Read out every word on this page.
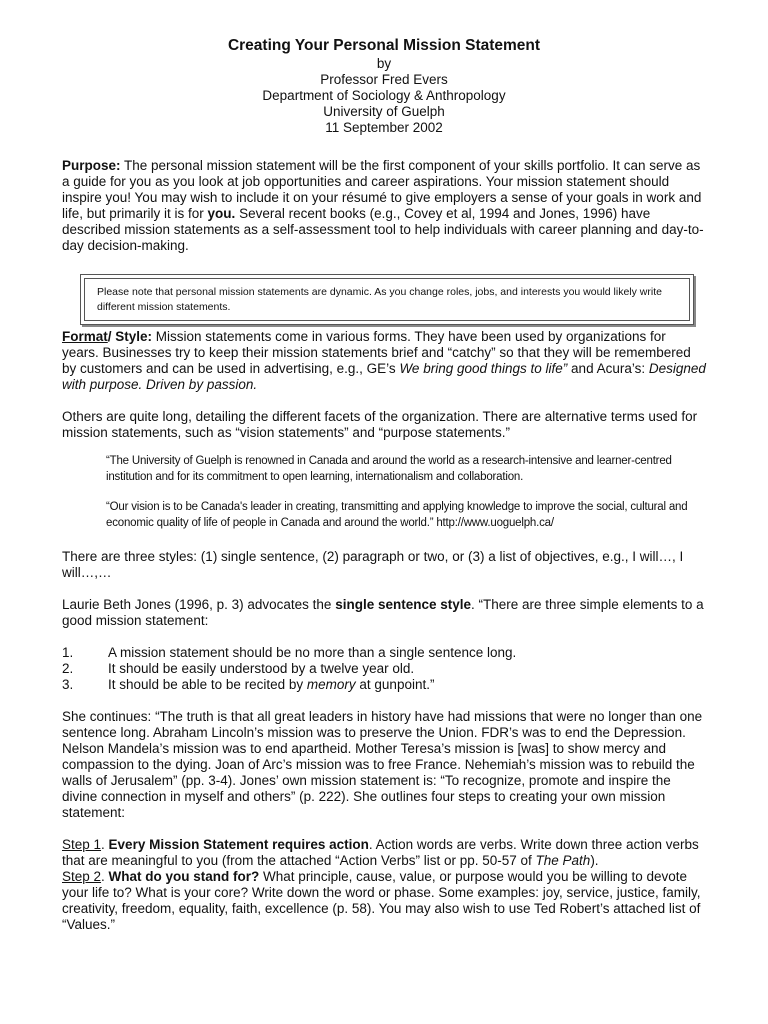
Creating Your Personal Mission Statement
by
Professor Fred Evers
Department of Sociology & Anthropology
University of Guelph
11 September 2002

Purpose: The personal mission statement will be the first component of your skills portfolio. It can serve as a guide for you as you look at job opportunities and career aspirations. Your mission statement should inspire you! You may wish to include it on your résumé to give employers a sense of your goals in work and life, but primarily it is for you. Several recent books (e.g., Covey et al, 1994 and Jones, 1996) have described mission statements as a self-assessment tool to help individuals with career planning and day-to-day decision-making.

Please note that personal mission statements are dynamic. As you change roles, jobs, and interests you would likely write different mission statements.

Format/ Style: Mission statements come in various forms. They have been used by organizations for years. Businesses try to keep their mission statements brief and “catchy” so that they will be remembered by customers and can be used in advertising, e.g., GE’s We bring good things to life” and Acura’s: Designed with purpose. Driven by passion.

Others are quite long, detailing the different facets of the organization. There are alternative terms used for mission statements, such as “vision statements” and “purpose statements.”

“The University of Guelph is renowned in Canada and around the world as a research-intensive and learner-centred institution and for its commitment to open learning, internationalism and collaboration.

“Our vision is to be Canada's leader in creating, transmitting and applying knowledge to improve the social, cultural and economic quality of life of people in Canada and around the world.” http://www.uoguelph.ca/

There are three styles: (1) single sentence, (2) paragraph or two, or (3) a list of objectives, e.g., I will…, I will…,…

Laurie Beth Jones (1996, p. 3) advocates the single sentence style. “There are three simple elements to a good mission statement:

1.	A mission statement should be no more than a single sentence long.
2.	It should be easily understood by a twelve year old.
3.	It should be able to be recited by memory at gunpoint.”

She continues: “The truth is that all great leaders in history have had missions that were no longer than one sentence long. Abraham Lincoln’s mission was to preserve the Union. FDR’s was to end the Depression. Nelson Mandela’s mission was to end apartheid. Mother Teresa’s mission is [was] to show mercy and compassion to the dying. Joan of Arc’s mission was to free France. Nehemiah’s mission was to rebuild the walls of Jerusalem” (pp. 3-4). Jones’ own mission statement is: “To recognize, promote and inspire the divine connection in myself and others” (p. 222). She outlines four steps to creating your own mission statement:

Step 1. Every Mission Statement requires action. Action words are verbs. Write down three action verbs that are meaningful to you (from the attached “Action Verbs” list or pp. 50-57 of The Path).

Step 2. What do you stand for? What principle, cause, value, or purpose would you be willing to devote your life to? What is your core? Write down the word or phase. Some examples: joy, service, justice, family, creativity, freedom, equality, faith, excellence (p. 58). You may also wish to use Ted Robert’s attached list of “Values.”
